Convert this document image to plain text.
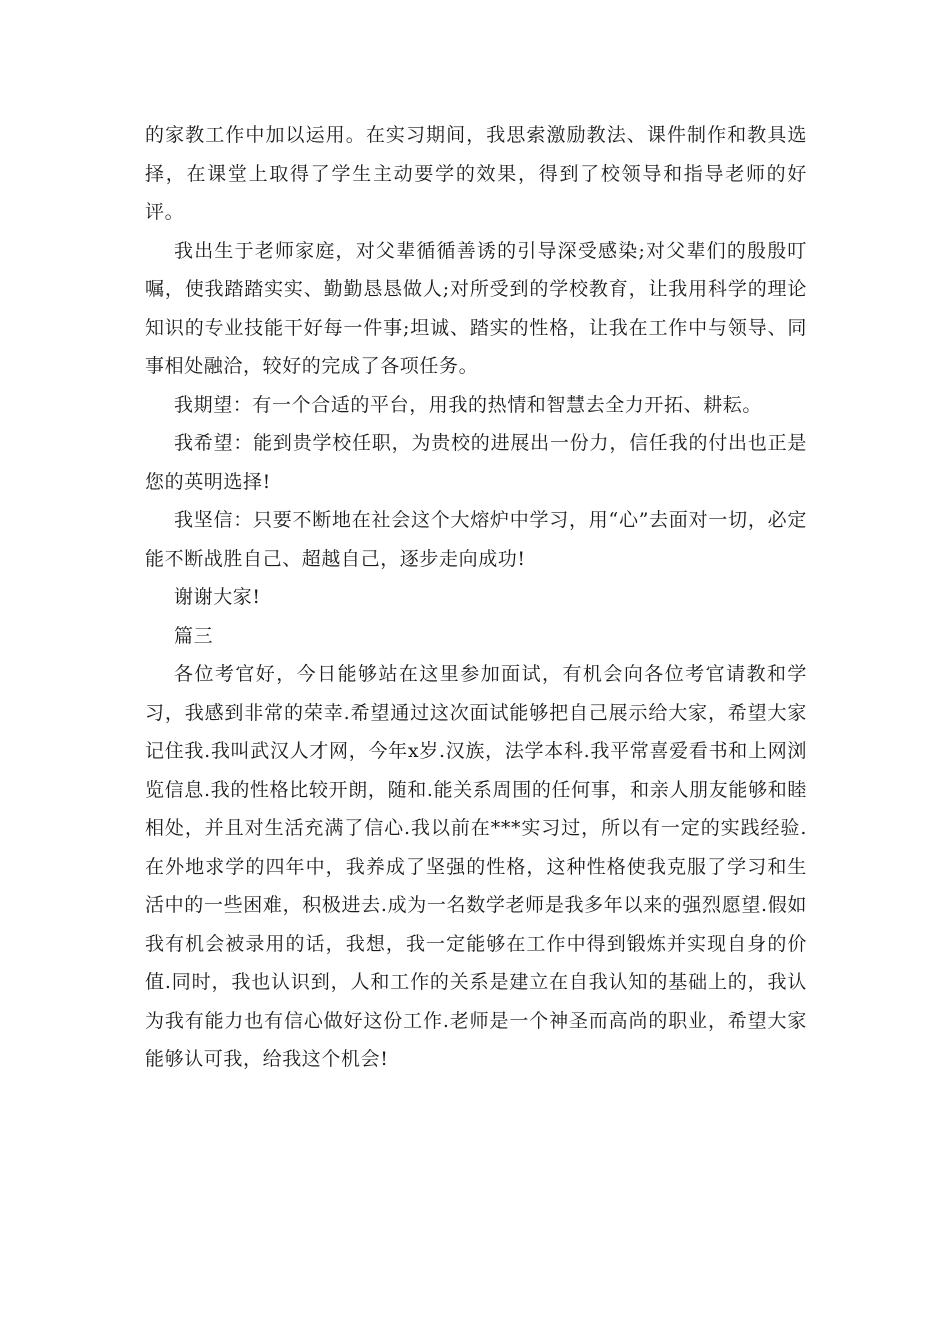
的家教工作中加以运用。在实习期间，我思索激励教法、课件制作和教具选择，在课堂上取得了学生主动要学的效果，得到了校领导和指导老师的好评。

我出生于老师家庭，对父辈循循善诱的引导深受感染;对父辈们的殷殷叮嘱，使我踏踏实实、勤勤恳恳做人;对所受到的学校教育，让我用科学的理论知识的专业技能干好每一件事;坦诚、踏实的性格，让我在工作中与领导、同事相处融洽，较好的完成了各项任务。

我期望：有一个合适的平台，用我的热情和智慧去全力开拓、耕耘。

我希望：能到贵学校任职，为贵校的进展出一份力，信任我的付出也正是您的英明选择!

我坚信：只要不断地在社会这个大熔炉中学习，用“心”去面对一切，必定能不断战胜自己、超越自己，逐步走向成功!

谢谢大家!

篇三

各位考官好，今日能够站在这里参加面试，有机会向各位考官请教和学习，我感到非常的荣幸.希望通过这次面试能够把自己展示给大家，希望大家记住我.我叫武汉人才网，今年x岁.汉族，法学本科.我平常喜爱看书和上网浏览信息.我的性格比较开朗，随和.能关系周围的任何事，和亲人朋友能够和睦相处，并且对生活充满了信心.我以前在***实习过，所以有一定的实践经验.在外地求学的四年中，我养成了坚强的性格，这种性格使我克服了学习和生活中的一些困难，积极进去.成为一名数学老师是我多年以来的强烈愿望.假如我有机会被录用的话，我想，我一定能够在工作中得到锻炼并实现自身的价值.同时，我也认识到，人和工作的关系是建立在自我认知的基础上的，我认为我有能力也有信心做好这份工作.老师是一个神圣而高尚的职业，希望大家能够认可我，给我这个机会!
